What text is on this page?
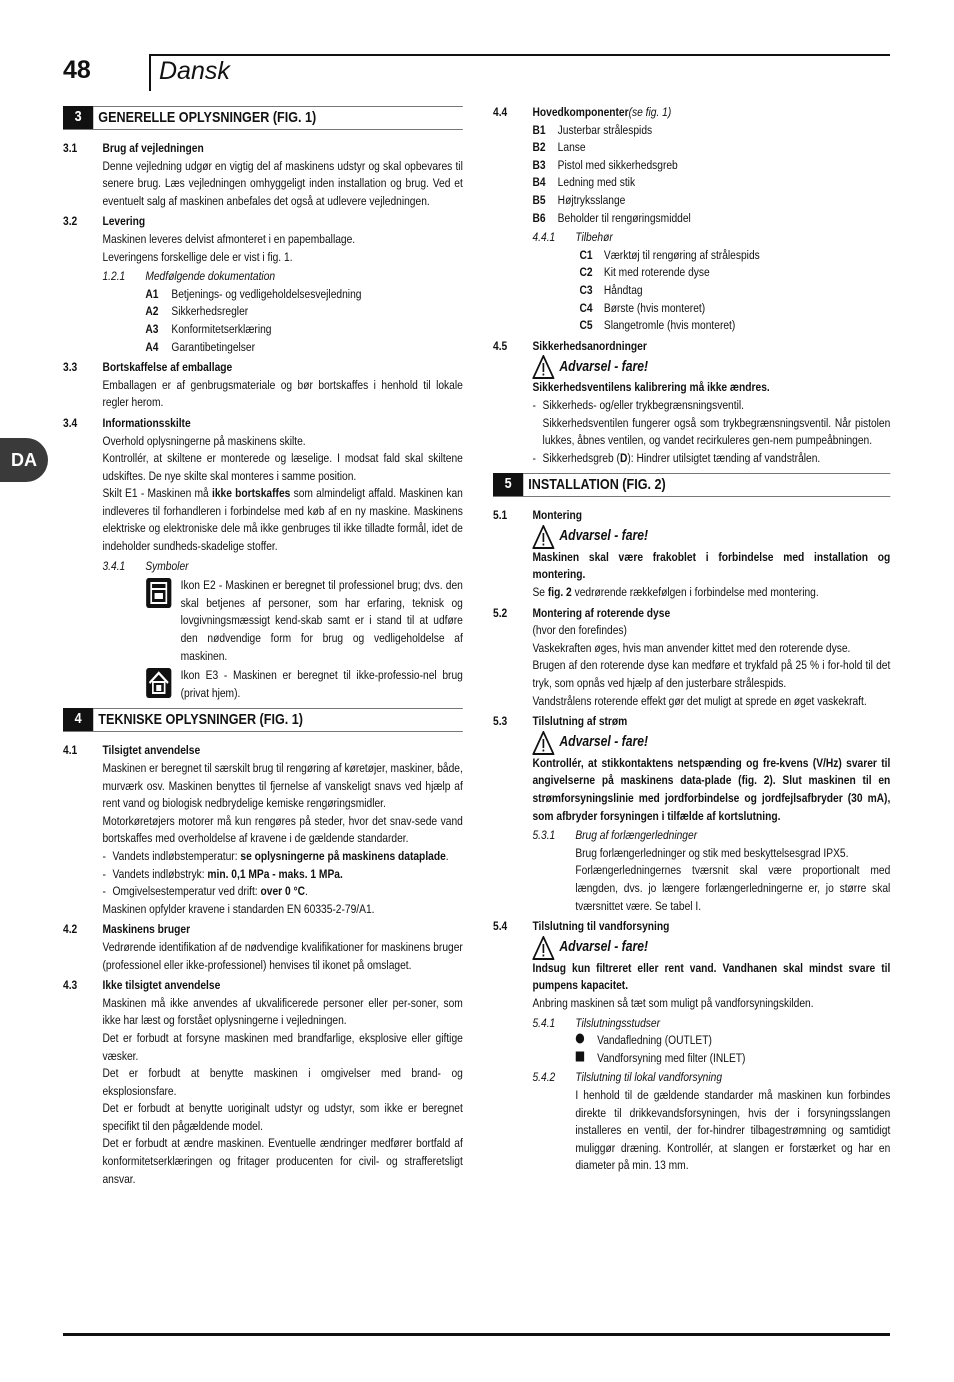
48	Dansk
DA
3	GENERELLE OPLYSNINGER (FIG. 1)
3.1	Brug af vejledningen

Denne vejledning udgør en vigtig del af maskinens udstyr og skal opbevares til senere brug. Læs vejledningen omhyggeligt inden installation og brug. Ved et eventuelt salg af maskinen anbefales det også at udlevere vejledningen.

3.2	Levering

Maskinen leveres delvist afmonteret i en papemballage.

Leveringens forskellige dele er vist i fig. 1.

1.2.1	Medfølgende dokumentation
A1	Betjenings- og vedligeholdelsesvejledning
A2	Sikkerhedsregler
A3	Konformitetserklæring
A4	Garantibetingelser
3.3	Bortskaffelse af emballage

Emballagen er af genbrugsmateriale og bør bortskaffes i henhold til lokale regler herom.

3.4	Informationsskilte

Overhold oplysningerne på maskinens skilte.

Kontrollér, at skiltene er monterede og læselige. I modsat fald skal skiltene udskiftes. De nye skilte skal monteres i samme position.

Skilt E1 - Maskinen må ikke bortskaffes som almindeligt affald. Maskinen kan indleveres til forhandleren i forbindelse med køb af en ny maskine. Maskinens elektriske og elektroniske dele må ikke genbruges til ikke tilladte formål, idet de indeholder sundheds-skadelige stoffer.

3.4.1	Symboler

Ikon E2 - Maskinen er beregnet til professionel brug; dvs. den skal betjenes af personer, som har erfaring, teknisk og lovgivningsmæssigt kend-skab samt er i stand til at udføre den nødvendige form for brug og vedligeholdelse af maskinen.

Ikon E3 - Maskinen er beregnet til ikke-professio-nel brug (privat hjem).

4	TEKNISKE OPLYSNINGER (FIG. 1)
4.1	Tilsigtet anvendelse

Maskinen er beregnet til særskilt brug til rengøring af køretøjer, maskiner, både, murværk osv. Maskinen benyttes til fjernelse af vanskeligt snavs ved hjælp af rent vand og biologisk nedbrydelige kemiske rengøringsmidler.

Motorkøretøjers motorer må kun rengøres på steder, hvor det snav-sede vand bortskaffes med overholdelse af kravene i de gældende standarder.

- Vandets indløbstemperatur: se oplysningerne på maskinens dataplade.
- Vandets indløbstryk: min. 0,1 MPa - maks. 1 MPa.
- Omgivelsestemperatur ved drift: over 0 °C.

Maskinen opfylder kravene i standarden EN 60335-2-79/A1.

4.2	Maskinens bruger

Vedrørende identifikation af de nødvendige kvalifikationer for maskinens bruger (professionel eller ikke-professionel) henvises til ikonet på omslaget.

4.3	Ikke tilsigtet anvendelse

Maskinen må ikke anvendes af ukvalificerede personer eller per-soner, som ikke har læst og forstået oplysningerne i vejledningen.

Det er forbudt at forsyne maskinen med brandfarlige, eksplosive eller giftige væsker.

Det er forbudt at benytte maskinen i omgivelser med brand- og eksplosionsfare.

Det er forbudt at benytte uoriginalt udstyr og udstyr, som ikke er beregnet specifikt til den pågældende model.

Det er forbudt at ændre maskinen. Eventuelle ændringer medfører bortfald af konformitetserklæringen og fritager producenten for civil- og strafferetsligt ansvar.

4.4	Hovedkomponenter (se fig. 1)
B1 Justerbar strålespids
B2 Lanse
B3 Pistol med sikkerhedsgreb
B4 Ledning med stik
B5 Højtryksslange
B6 Beholder til rengøringsmiddel
4.4.1	Tilbehør
C1 Værktøj til rengøring af strålespids
C2 Kit med roterende dyse
C3 Håndtag
C4 Børste (hvis monteret)
C5 Slangetromle (hvis monteret)
4.5	Sikkerhedsanordninger
Advarsel - fare!
Sikkerhedsventilens kalibrering må ikke ændres.
- Sikkerheds- og/eller trykbegrænsningsventil.

Sikkerhedsventilen fungerer også som trykbegrænsningsventil. Når pistolen lukkes, åbnes ventilen, og vandet recirkuleres gen-nem pumpeåbningen.

- Sikkerhedsgreb (D): Hindrer utilsigtet tænding af vandstrålen.
5	INSTALLATION (FIG. 2)
5.1	Montering
Advarsel - fare!
Maskinen skal være frakoblet i forbindelse med installation og montering.

Se fig. 2 vedrørende rækkefølgen i forbindelse med montering.

5.2	Montering af roterende dyse

(hvor den forefindes)

Vaskekraften øges, hvis man anvender kittet med den roterende dyse.

Brugen af den roterende dyse kan medføre et trykfald på 25 % i for-hold til det tryk, som opnås ved hjælp af den justerbare strålespids.

Vandstrålens roterende effekt gør det muligt at sprede en øget vaskekraft.

5.3	Tilslutning af strøm
Advarsel - fare!
Kontrollér, at stikkontaktens netspænding og fre-kvens (V/Hz) svarer til angivelserne på maskinens data-plade (fig. 2). Slut maskinen til en strømforsyningslinie med jordforbindelse og jordfejlsafbryder (30 mA), som afbryder forsyningen i tilfælde af kortslutning.
5.3.1	Brug af forlængerledninger

Brug forlængerledninger og stik med beskyttelsesgrad IPX5.

Forlængerledningernes tværsnit skal være proportionalt med længden, dvs. jo længere forlængerledningerne er, jo større skal tværsnittet være. Se tabel I.

5.4	Tilslutning til vandforsyning
Advarsel - fare!
Indsug kun filtreret eller rent vand. Vandhanen skal mindst svare til pumpens kapacitet.

Anbring maskinen så tæt som muligt på vandforsyningskilden.

5.4.1	Tilslutningsstudser
Vandafledning (OUTLET)
Vandforsyning med filter (INLET)
5.4.2	Tilslutning til lokal vandforsyning

I henhold til de gældende standarder må maskinen kun forbindes direkte til drikkevandsforsyningen, hvis der i forsyningsslangen installeres en ventil, der for-hindrer tilbagestrømning og samtidigt muliggør dræning. Kontrollér, at slangen er forstærket og har en diameter på min. 13 mm.
